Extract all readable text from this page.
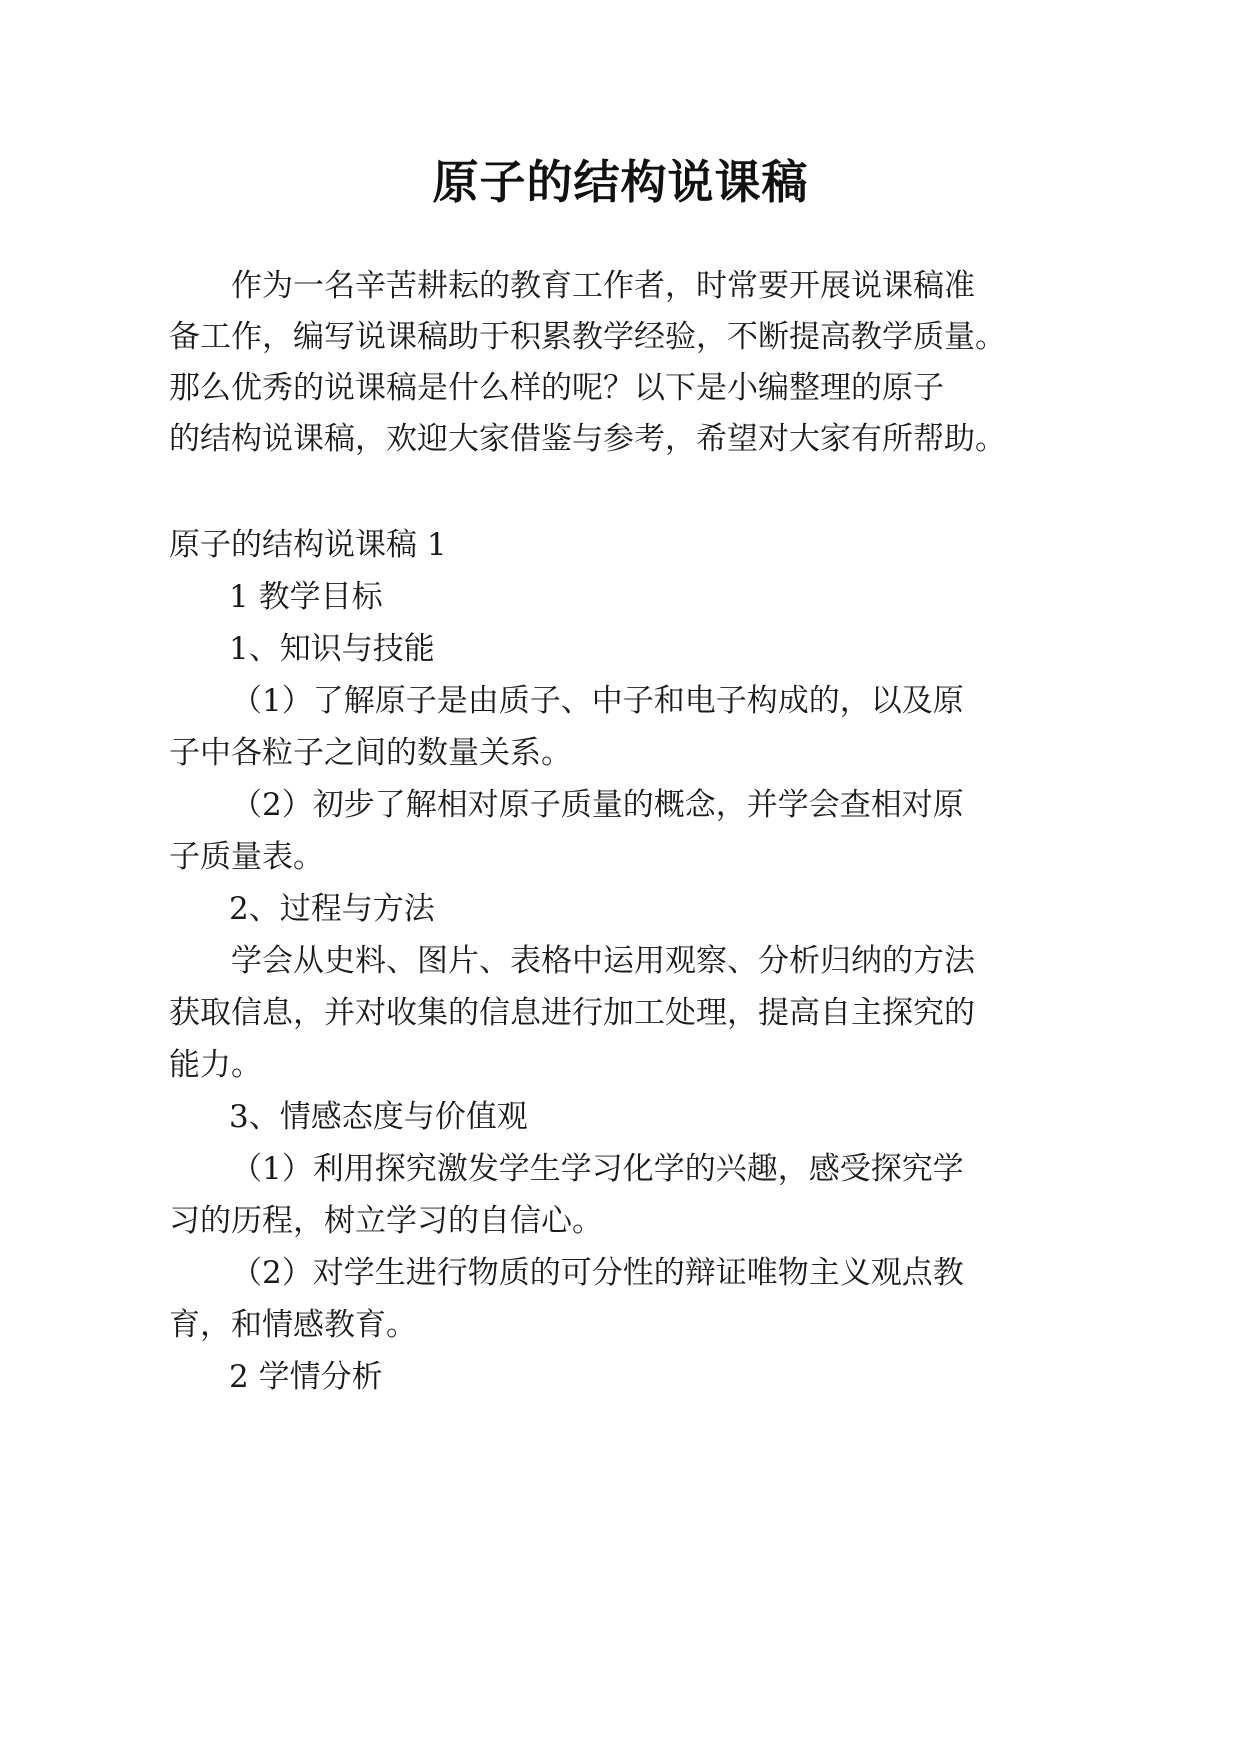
原子的结构说课稿
作为一名辛苦耕耘的教育工作者，时常要开展说课稿准
备工作，编写说课稿助于积累教学经验，不断提高教学质量。
那么优秀的说课稿是什么样的呢？以下是小编整理的原子
的结构说课稿，欢迎大家借鉴与参考，希望对大家有所帮助。
原子的结构说课稿 1
1 教学目标
1、知识与技能
（1）了解原子是由质子、中子和电子构成的，以及原
子中各粒子之间的数量关系。
（2）初步了解相对原子质量的概念，并学会查相对原
子质量表。
2、过程与方法
学会从史料、图片、表格中运用观察、分析归纳的方法
获取信息，并对收集的信息进行加工处理，提高自主探究的
能力。
3、情感态度与价值观
（1）利用探究激发学生学习化学的兴趣，感受探究学
习的历程，树立学习的自信心。
（2）对学生进行物质的可分性的辩证唯物主义观点教
育，和情感教育。
2 学情分析
